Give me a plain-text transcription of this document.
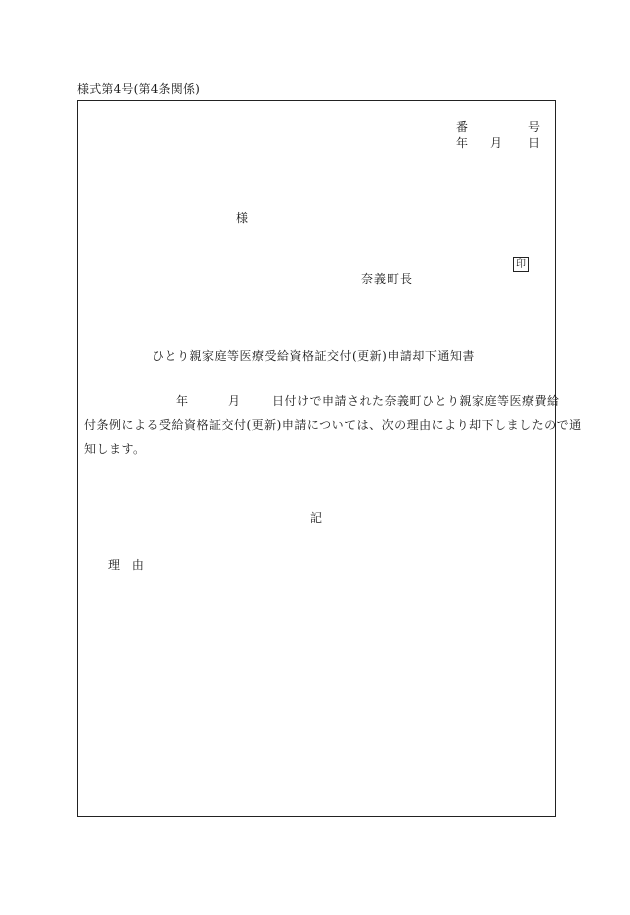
様式第4号(第4条関係)
番	号
年 月 日
様
印
奈義町長
ひとり親家庭等医療受給資格証交付(更新)申請却下通知書
年	月	日付けで申請された奈義町ひとり親家庭等医療費給
付条例による受給資格証交付(更新)申請については、次の理由により却下しましたので通
知します。
記
理 由
